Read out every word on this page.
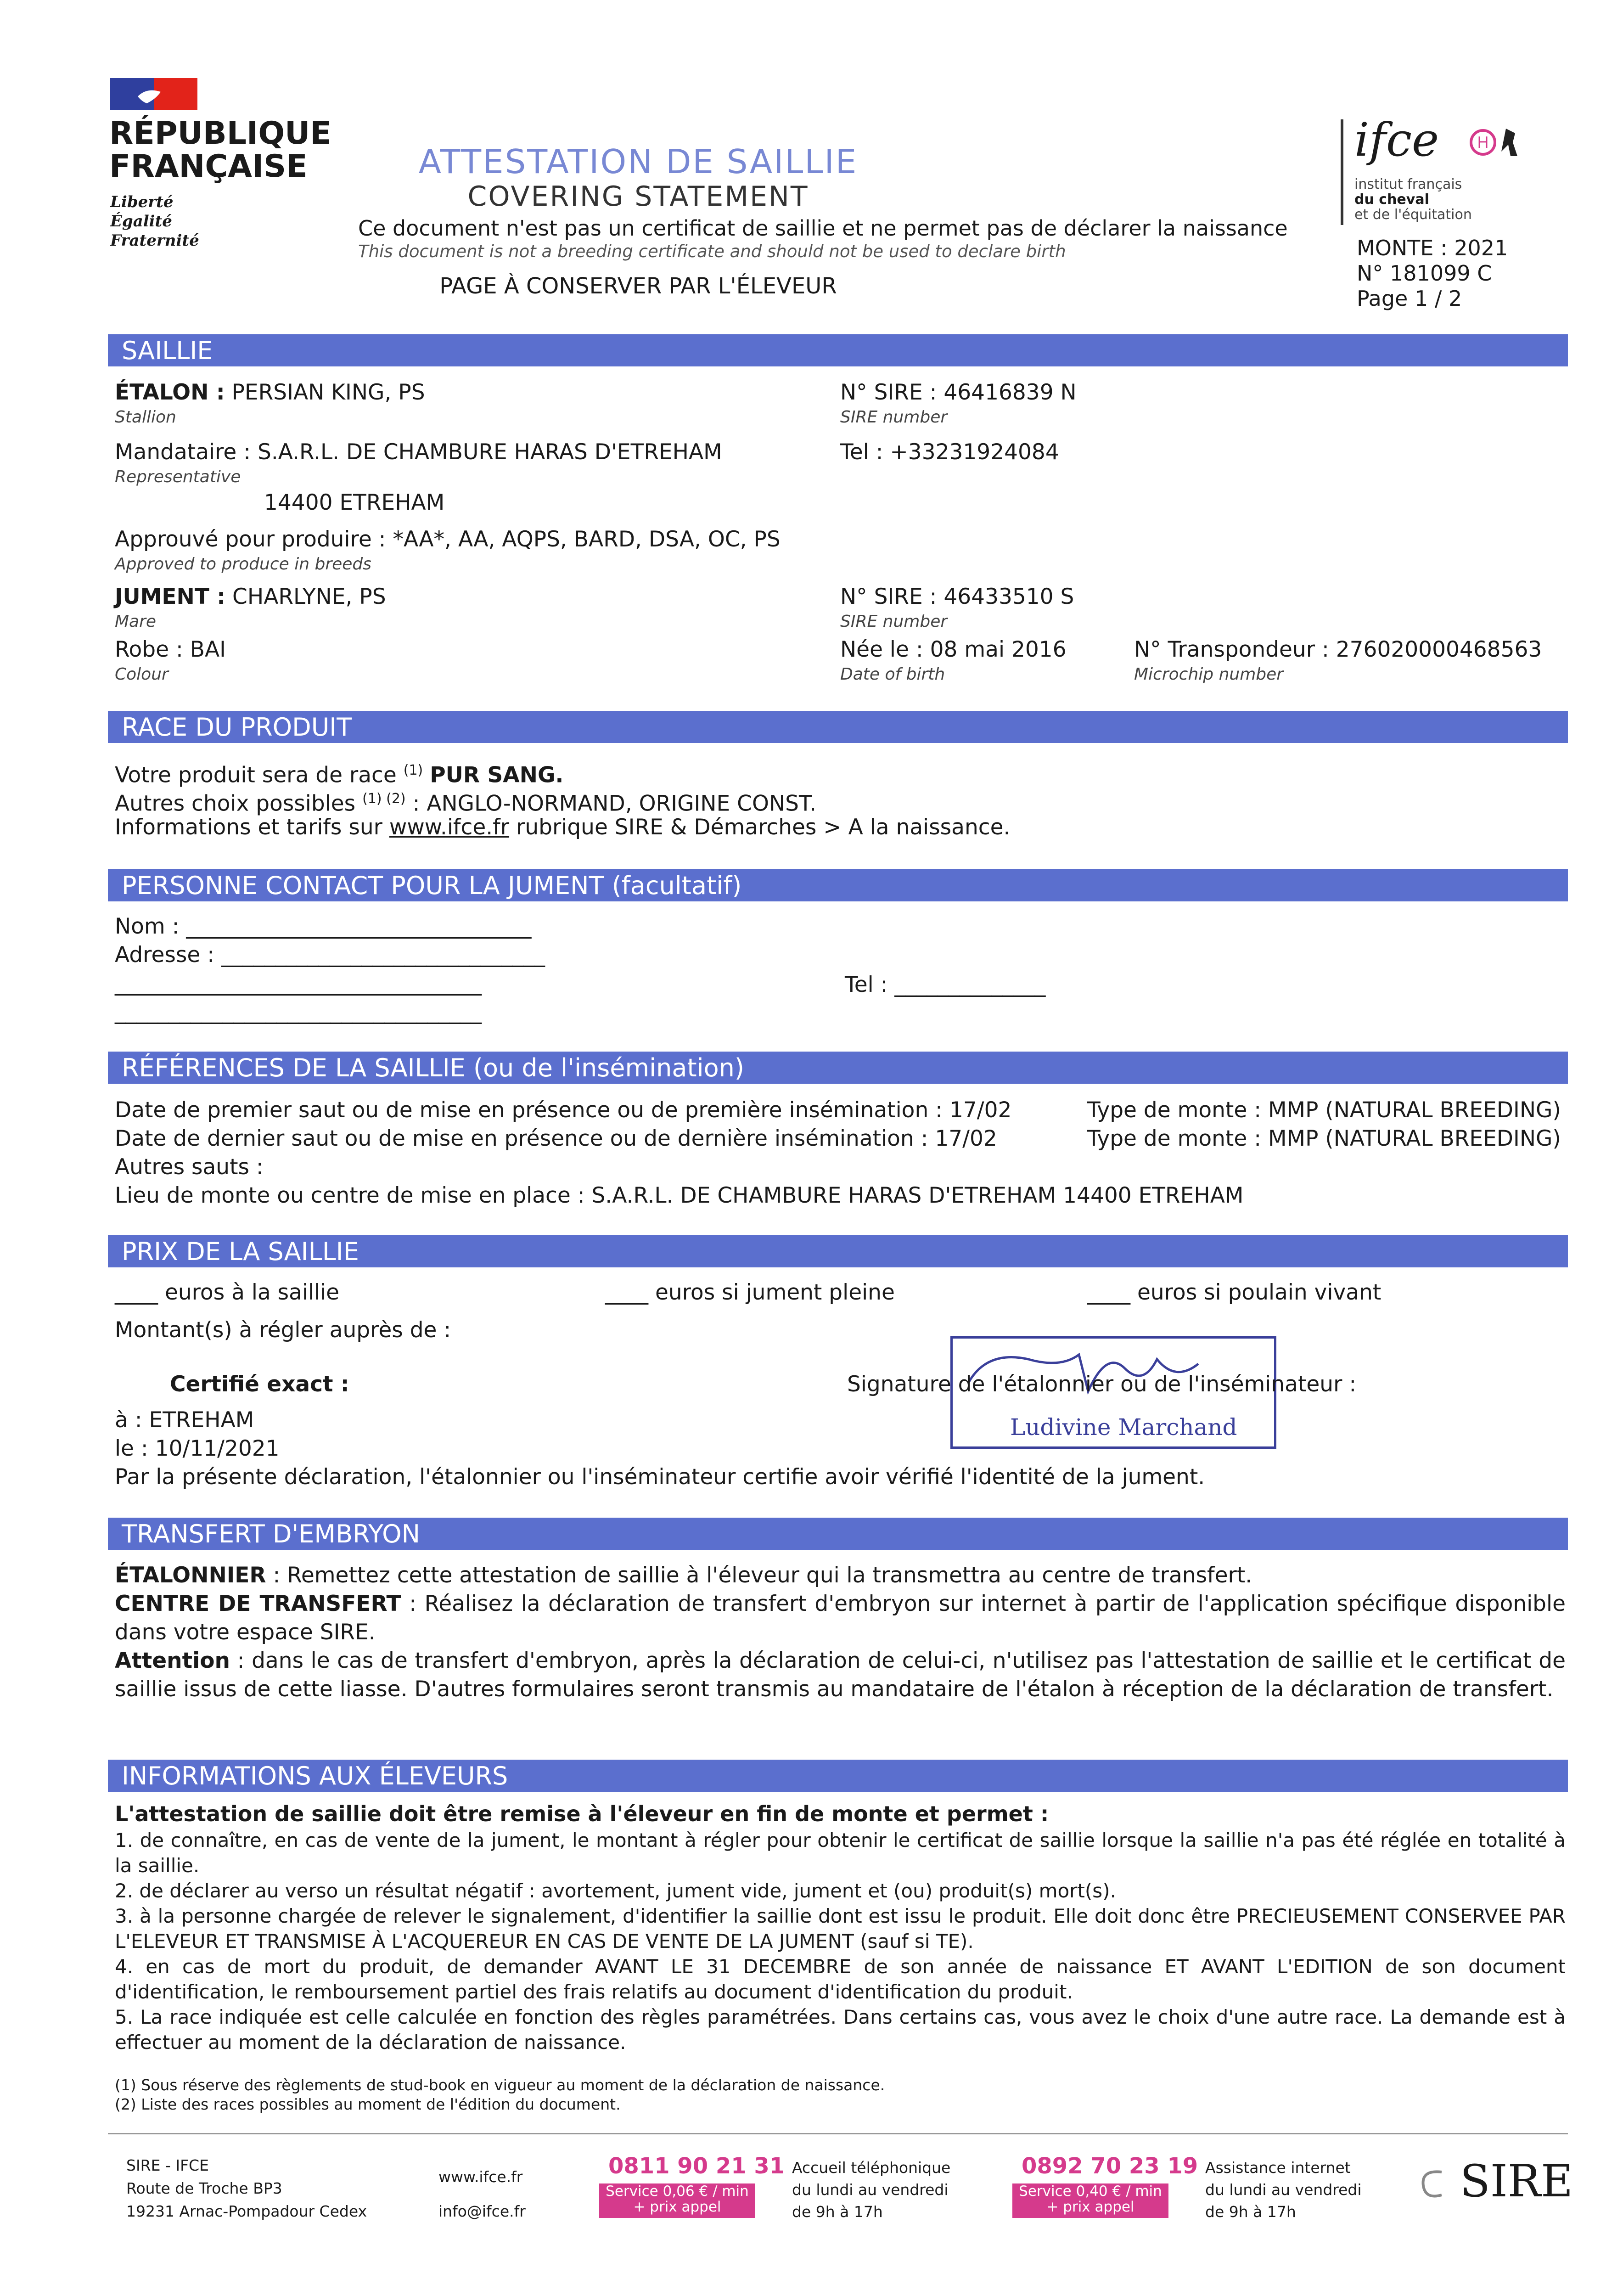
RÉPUBLIQUE
FRANÇAISE
Liberté
Égalité
Fraternité
ATTESTATION DE SAILLIE
COVERING STATEMENT
Ce document n'est pas un certificat de saillie et ne permet pas de déclarer la naissance
This document is not a breeding certificate and should not be used to declare birth
PAGE À CONSERVER PAR L'ÉLEVEUR
ifce H
institut français
du cheval
et de l'équitation
MONTE : 2021
N° 181099 C
Page 1 / 2
SAILLIE
ÉTALON : PERSIAN KING, PS
Stallion
N° SIRE : 46416839 N
SIRE number
Mandataire : S.A.R.L. DE CHAMBURE HARAS D'ETREHAM
Representative
Tel : +33231924084
14400 ETREHAM
Approuvé pour produire : *AA*, AA, AQPS, BARD, DSA, OC, PS
Approved to produce in breeds
JUMENT : CHARLYNE, PS
Mare
N° SIRE : 46433510 S
SIRE number
Robe : BAI
Colour
Née le : 08 mai 2016
Date of birth
N° Transpondeur : 276020000468563
Microchip number
RACE DU PRODUIT
Votre produit sera de race $^{(1)}$ PUR SANG.
Autres choix possibles $^{(1) (2)}$ : ANGLO-NORMAND, ORIGINE CONST.
Informations et tarifs sur www.ifce.fr rubrique SIRE & Démarches > A la naissance.
PERSONNE CONTACT POUR LA JUMENT (facultatif)
Nom : ________________________________
Adresse : ______________________________
__________________________________
__________________________________
Tel : ______________
RÉFÉRENCES DE LA SAILLIE (ou de l'insémination)
Date de premier saut ou de mise en présence ou de première insémination : 17/02	Type de monte : MMP (NATURAL BREEDING)
Date de dernier saut ou de mise en présence ou de dernière insémination : 17/02	Type de monte : MMP (NATURAL BREEDING)
Autres sauts :
Lieu de monte ou centre de mise en place : S.A.R.L. DE CHAMBURE HARAS D'ETREHAM 14400 ETREHAM
PRIX DE LA SAILLIE
____ euros à la saillie	____ euros si jument pleine	____ euros si poulain vivant
Montant(s) à régler auprès de :
Certifié exact :
Ludivine Marchand
Signature de l'étalonnier ou de l'inséminateur :
à : ETREHAM
le : 10/11/2021
Par la présente déclaration, l'étalonnier ou l'inséminateur certifie avoir vérifié l'identité de la jument.
TRANSFERT D'EMBRYON
ÉTALONNIER : Remettez cette attestation de saillie à l'éleveur qui la transmettra au centre de transfert.
CENTRE DE TRANSFERT : Réalisez la déclaration de transfert d'embryon sur internet à partir de l'application spécifique disponible dans votre espace SIRE.
Attention : dans le cas de transfert d'embryon, après la déclaration de celui-ci, n'utilisez pas l'attestation de saillie et le certificat de saillie issus de cette liasse. D'autres formulaires seront transmis au mandataire de l'étalon à réception de la déclaration de transfert.
INFORMATIONS AUX ÉLEVEURS
L'attestation de saillie doit être remise à l'éleveur en fin de monte et permet :
1. de connaître, en cas de vente de la jument, le montant à régler pour obtenir le certificat de saillie lorsque la saillie n'a pas été réglée en totalité à la saillie.
2. de déclarer au verso un résultat négatif : avortement, jument vide, jument et (ou) produit(s) mort(s).
3. à la personne chargée de relever le signalement, d'identifier la saillie dont est issu le produit. Elle doit donc être PRECIEUSEMENT CONSERVEE PAR L'ELEVEUR ET TRANSMISE À L'ACQUEREUR EN CAS DE VENTE DE LA JUMENT (sauf si TE).
4. en cas de mort du produit, de demander AVANT LE 31 DECEMBRE de son année de naissance ET AVANT L'EDITION de son document d'identification, le remboursement partiel des frais relatifs au document d'identification du produit.
5. La race indiquée est celle calculée en fonction des règles paramétrées. Dans certains cas, vous avez le choix d'une autre race. La demande est à effectuer au moment de la déclaration de naissance.
(1) Sous réserve des règlements de stud-book en vigueur au moment de la déclaration de naissance.
(2) Liste des races possibles au moment de l'édition du document.
SIRE - IFCE
Route de Troche BP3
19231 Arnac-Pompadour Cedex
www.ifce.fr
info@ifce.fr
0811 90 21 31
Service 0,06 € / min + prix appel
Accueil téléphonique
du lundi au vendredi
de 9h à 17h
0892 70 23 19
Service 0,40 € / min + prix appel
Assistance internet
du lundi au vendredi
de 9h à 17h
SIRE
